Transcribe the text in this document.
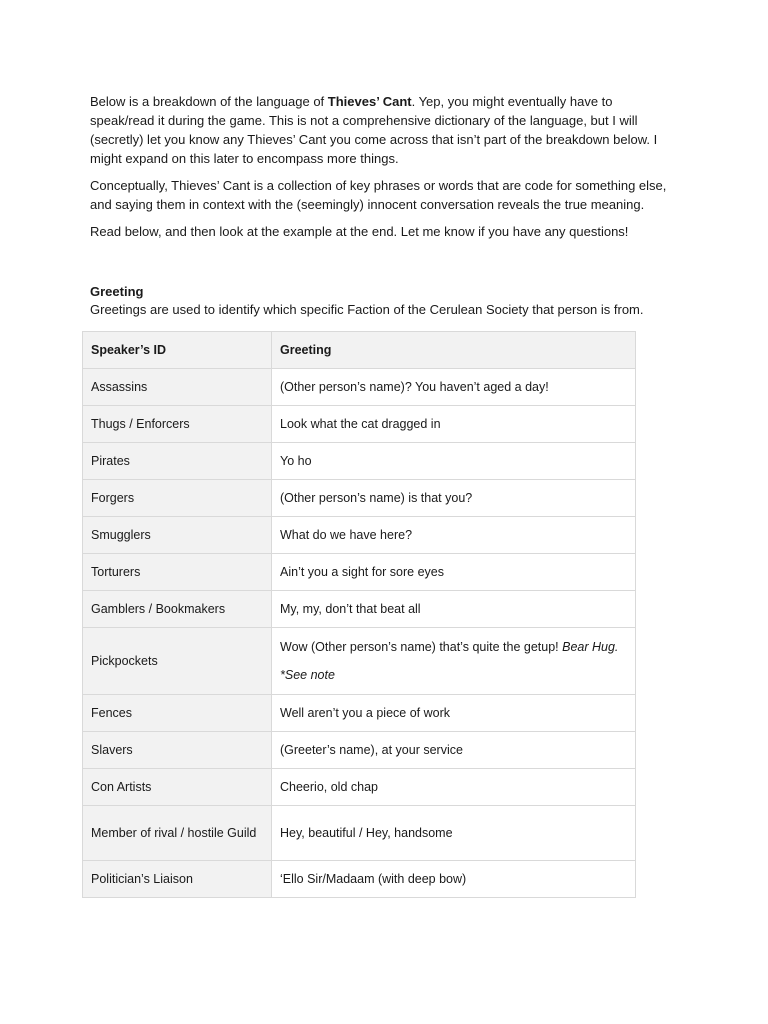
Below is a breakdown of the language of Thieves’ Cant. Yep, you might eventually have to speak/read it during the game. This is not a comprehensive dictionary of the language, but I will (secretly) let you know any Thieves’ Cant you come across that isn’t part of the breakdown below. I might expand on this later to encompass more things.

Conceptually, Thieves’ Cant is a collection of key phrases or words that are code for something else, and saying them in context with the (seemingly) innocent conversation reveals the true meaning.

Read below, and then look at the example at the end. Let me know if you have any questions!

Greeting

Greetings are used to identify which specific Faction of the Cerulean Society that person is from.

Speaker’s ID	Greeting
Assassins	(Other person’s name)? You haven’t aged a day!
Thugs / Enforcers	Look what the cat dragged in
Pirates	Yo ho
Forgers	(Other person’s name) is that you?
Smugglers	What do we have here?
Torturers	Ain’t you a sight for sore eyes
Gamblers / Bookmakers	My, my, don’t that beat all
Pickpockets	Wow (Other person’s name) that’s quite the getup! Bear Hug.
*See note

Fences	Well aren’t you a piece of work
Slavers	(Greeter’s name), at your service
Con Artists	Cheerio, old chap
Member of rival / hostile Guild	Hey, beautiful / Hey, handsome
Politician’s Liaison	‘Ello Sir/Madaam (with deep bow)
